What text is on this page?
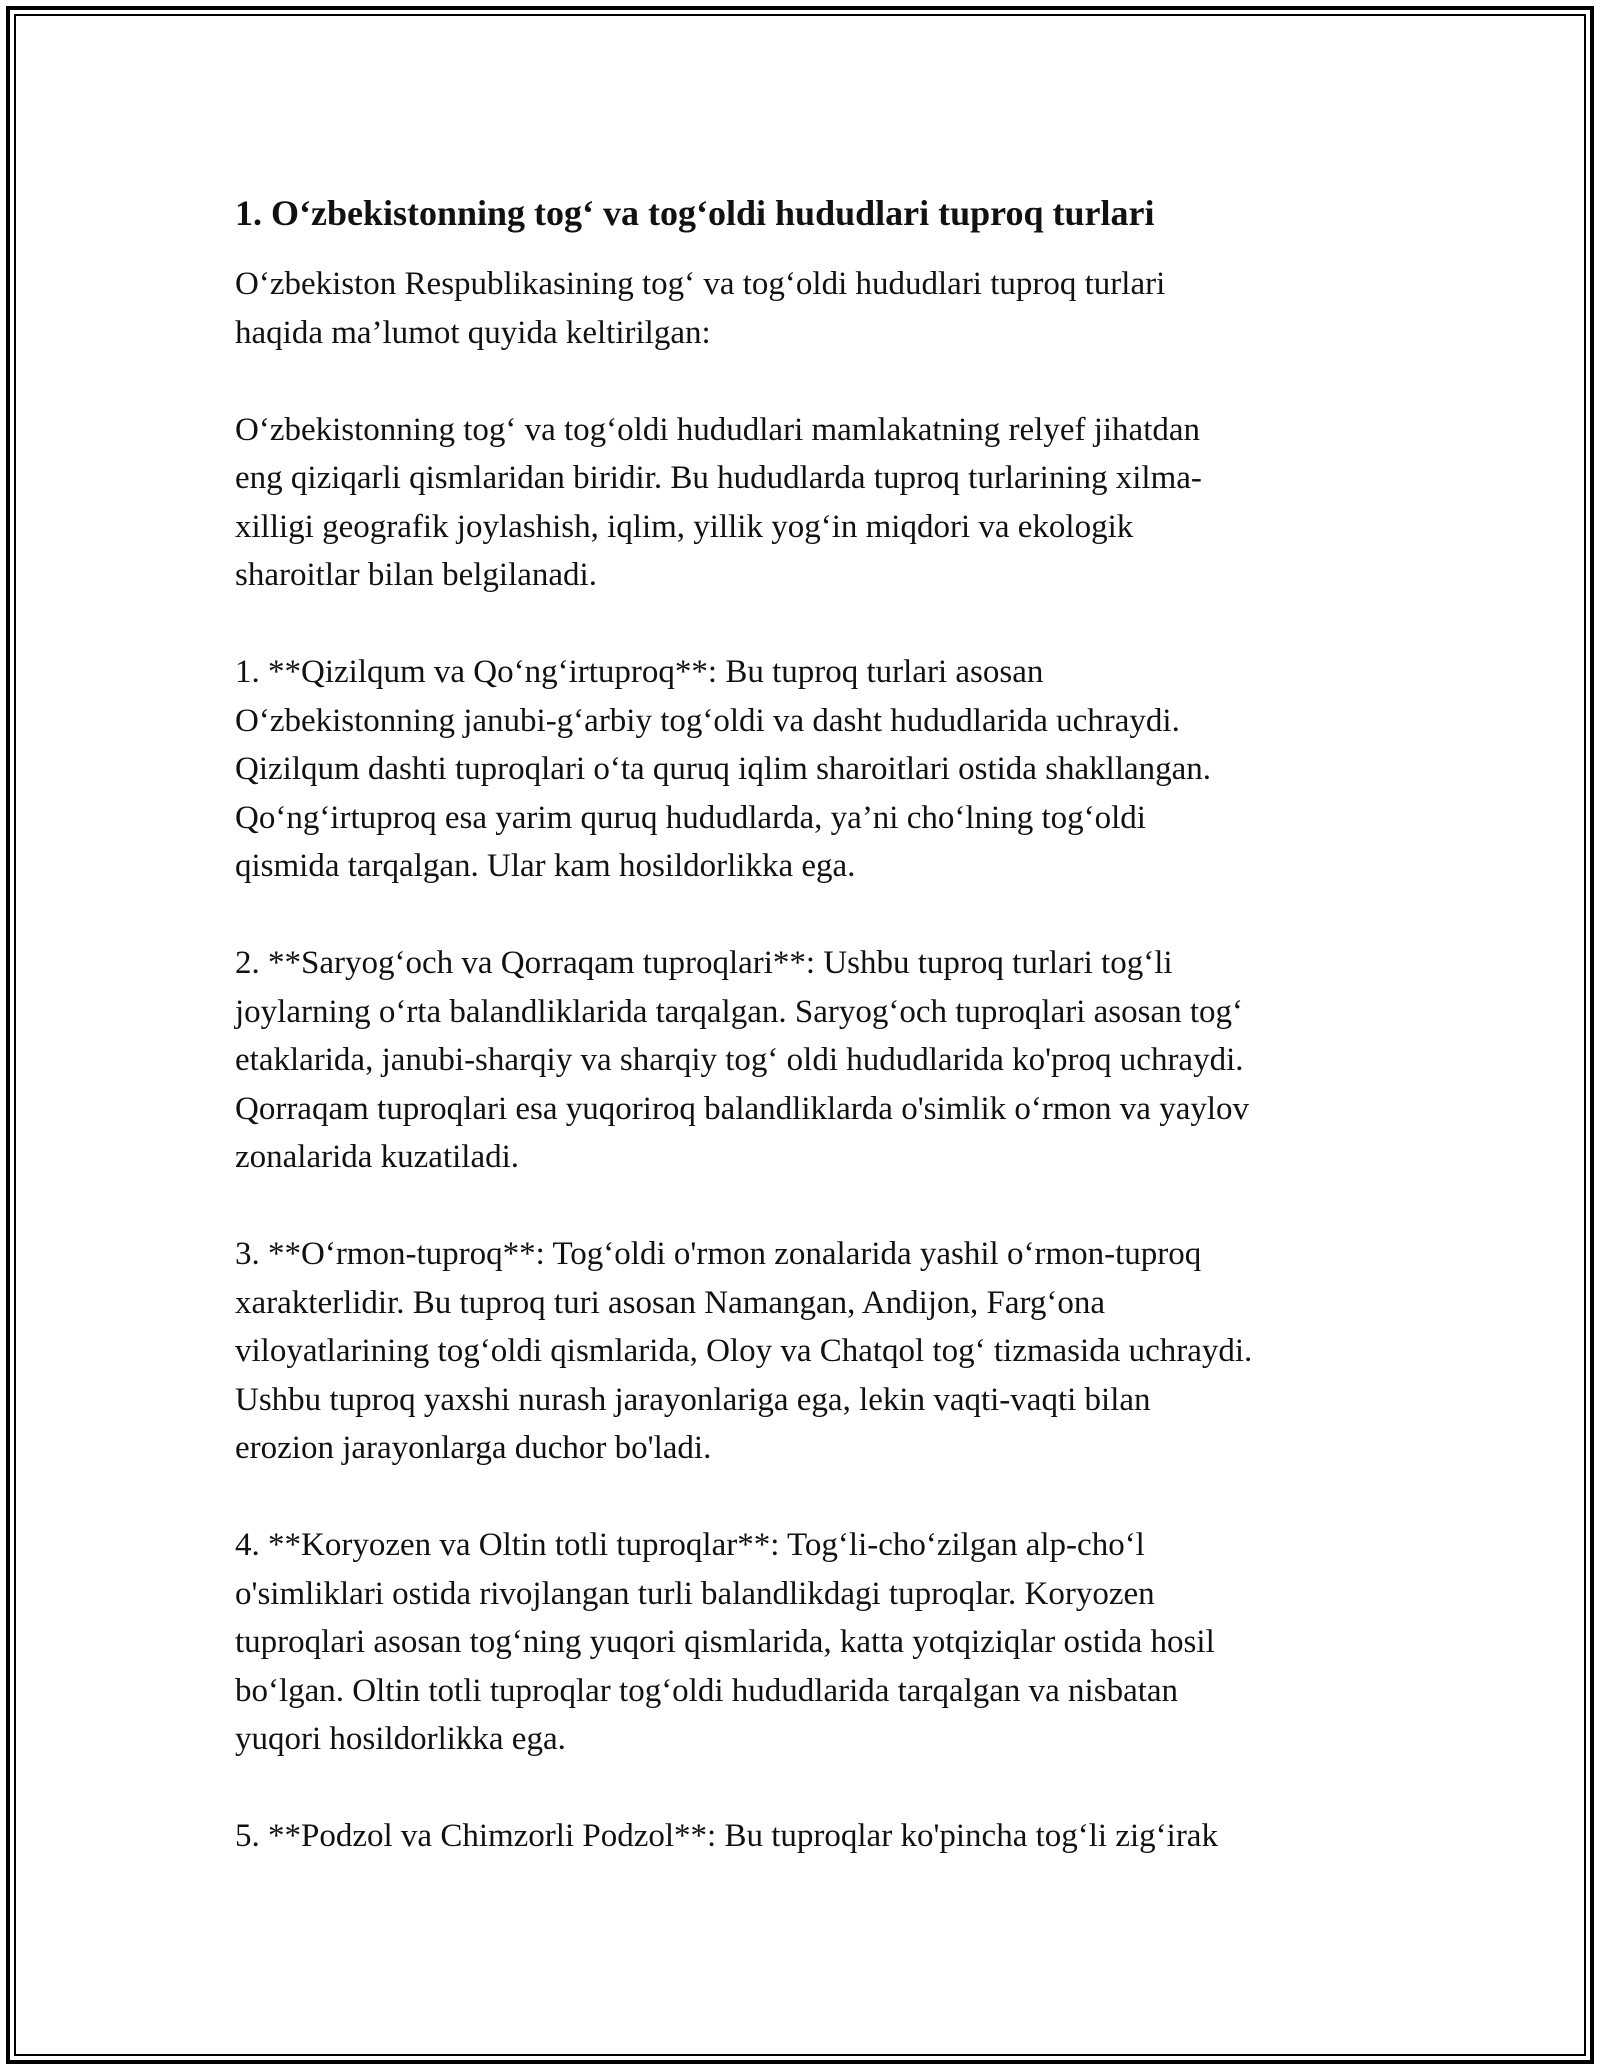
1. O‘zbekistonning tog‘ va tog‘oldi hududlari tuproq turlari
O‘zbekiston Respublikasining tog‘ va tog‘oldi hududlari tuproq turlari
haqida ma’lumot quyida keltirilgan:
O‘zbekistonning tog‘ va tog‘oldi hududlari mamlakatning relyef jihatdan
eng qiziqarli qismlaridan biridir. Bu hududlarda tuproq turlarining xilma-
xilligi geografik joylashish, iqlim, yillik yog‘in miqdori va ekologik
sharoitlar bilan belgilanadi.
1. **Qizilqum va Qo‘ng‘irtuproq**: Bu tuproq turlari asosan
O‘zbekistonning janubi-g‘arbiy tog‘oldi va dasht hududlarida uchraydi.
Qizilqum dashti tuproqlari o‘ta quruq iqlim sharoitlari ostida shakllangan.
Qo‘ng‘irtuproq esa yarim quruq hududlarda, ya’ni cho‘lning tog‘oldi
qismida tarqalgan. Ular kam hosildorlikka ega.
2. **Saryog‘och va Qorraqam tuproqlari**: Ushbu tuproq turlari tog‘li
joylarning o‘rta balandliklarida tarqalgan. Saryog‘och tuproqlari asosan tog‘
etaklarida, janubi-sharqiy va sharqiy tog‘ oldi hududlarida ko'proq uchraydi.
Qorraqam tuproqlari esa yuqoriroq balandliklarda o'simlik o‘rmon va yaylov
zonalarida kuzatiladi.
3. **O‘rmon-tuproq**: Tog‘oldi o'rmon zonalarida yashil o‘rmon-tuproq
xarakterlidir. Bu tuproq turi asosan Namangan, Andijon, Farg‘ona
viloyatlarining tog‘oldi qismlarida, Oloy va Chatqol tog‘ tizmasida uchraydi.
Ushbu tuproq yaxshi nurash jarayonlariga ega, lekin vaqti-vaqti bilan
erozion jarayonlarga duchor bo'ladi.
4. **Koryozen va Oltin totli tuproqlar**: Tog‘li-cho‘zilgan alp-cho‘l
o'simliklari ostida rivojlangan turli balandlikdagi tuproqlar. Koryozen
tuproqlari asosan tog‘ning yuqori qismlarida, katta yotqiziqlar ostida hosil
bo‘lgan. Oltin totli tuproqlar tog‘oldi hududlarida tarqalgan va nisbatan
yuqori hosildorlikka ega.
5. **Podzol va Chimzorli Podzol**: Bu tuproqlar ko'pincha tog‘li zig‘irak
